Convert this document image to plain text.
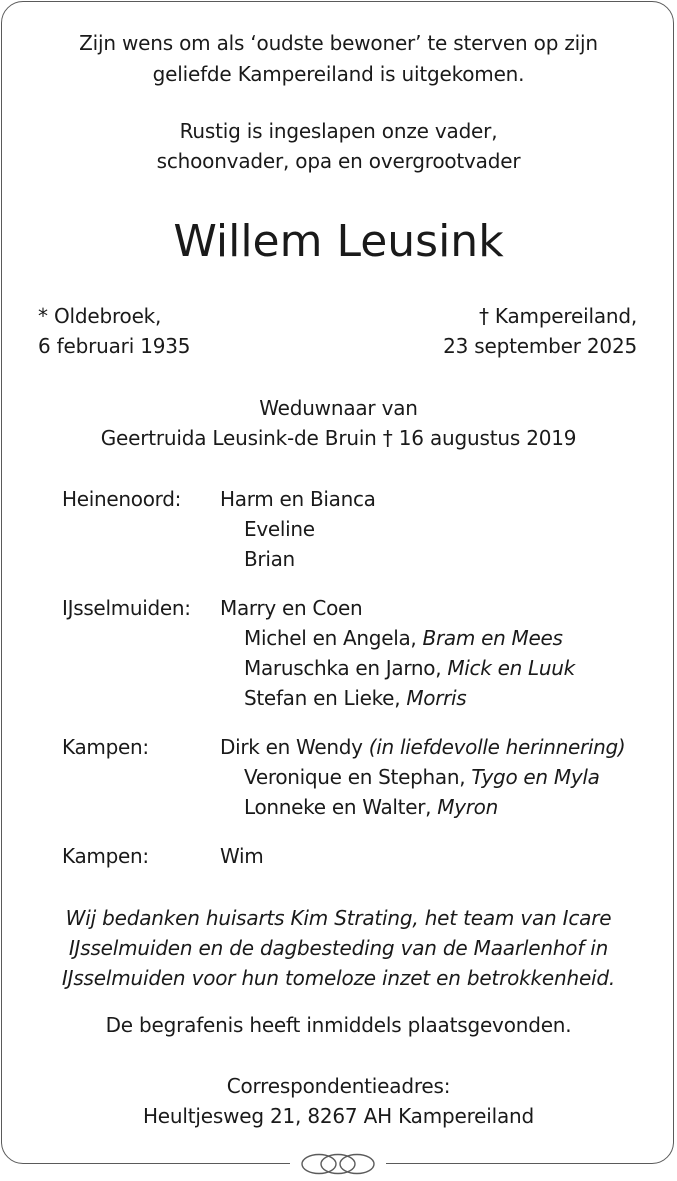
Zijn wens om als ‘oudste bewoner’ te sterven op zijn
geliefde Kampereiland is uitgekomen.
Rustig is ingeslapen onze vader,
schoonvader, opa en overgrootvader
Willem Leusink
* Oldebroek,
6 februari 1935
† Kampereiland,
23 september 2025
Weduwnaar van
Geertruida Leusink-de Bruin † 16 augustus 2019
Heinenoord: Harm en Bianca
Eveline
Brian
IJsselmuiden: Marry en Coen
Michel en Angela, Bram en Mees
Maruschka en Jarno, Mick en Luuk
Stefan en Lieke, Morris
Kampen:	Dirk en Wendy (in liefdevolle herinnering)
Veronique en Stephan, Tygo en Myla
Lonneke en Walter, Myron
Kampen:	Wim
Wij bedanken huisarts Kim Strating, het team van Icare
IJsselmuiden en de dagbesteding van de Maarlenhof in
IJsselmuiden voor hun tomeloze inzet en betrokkenheid.
De begrafenis heeft inmiddels plaatsgevonden.
Correspondentieadres:
Heultjesweg 21, 8267 AH Kampereiland
